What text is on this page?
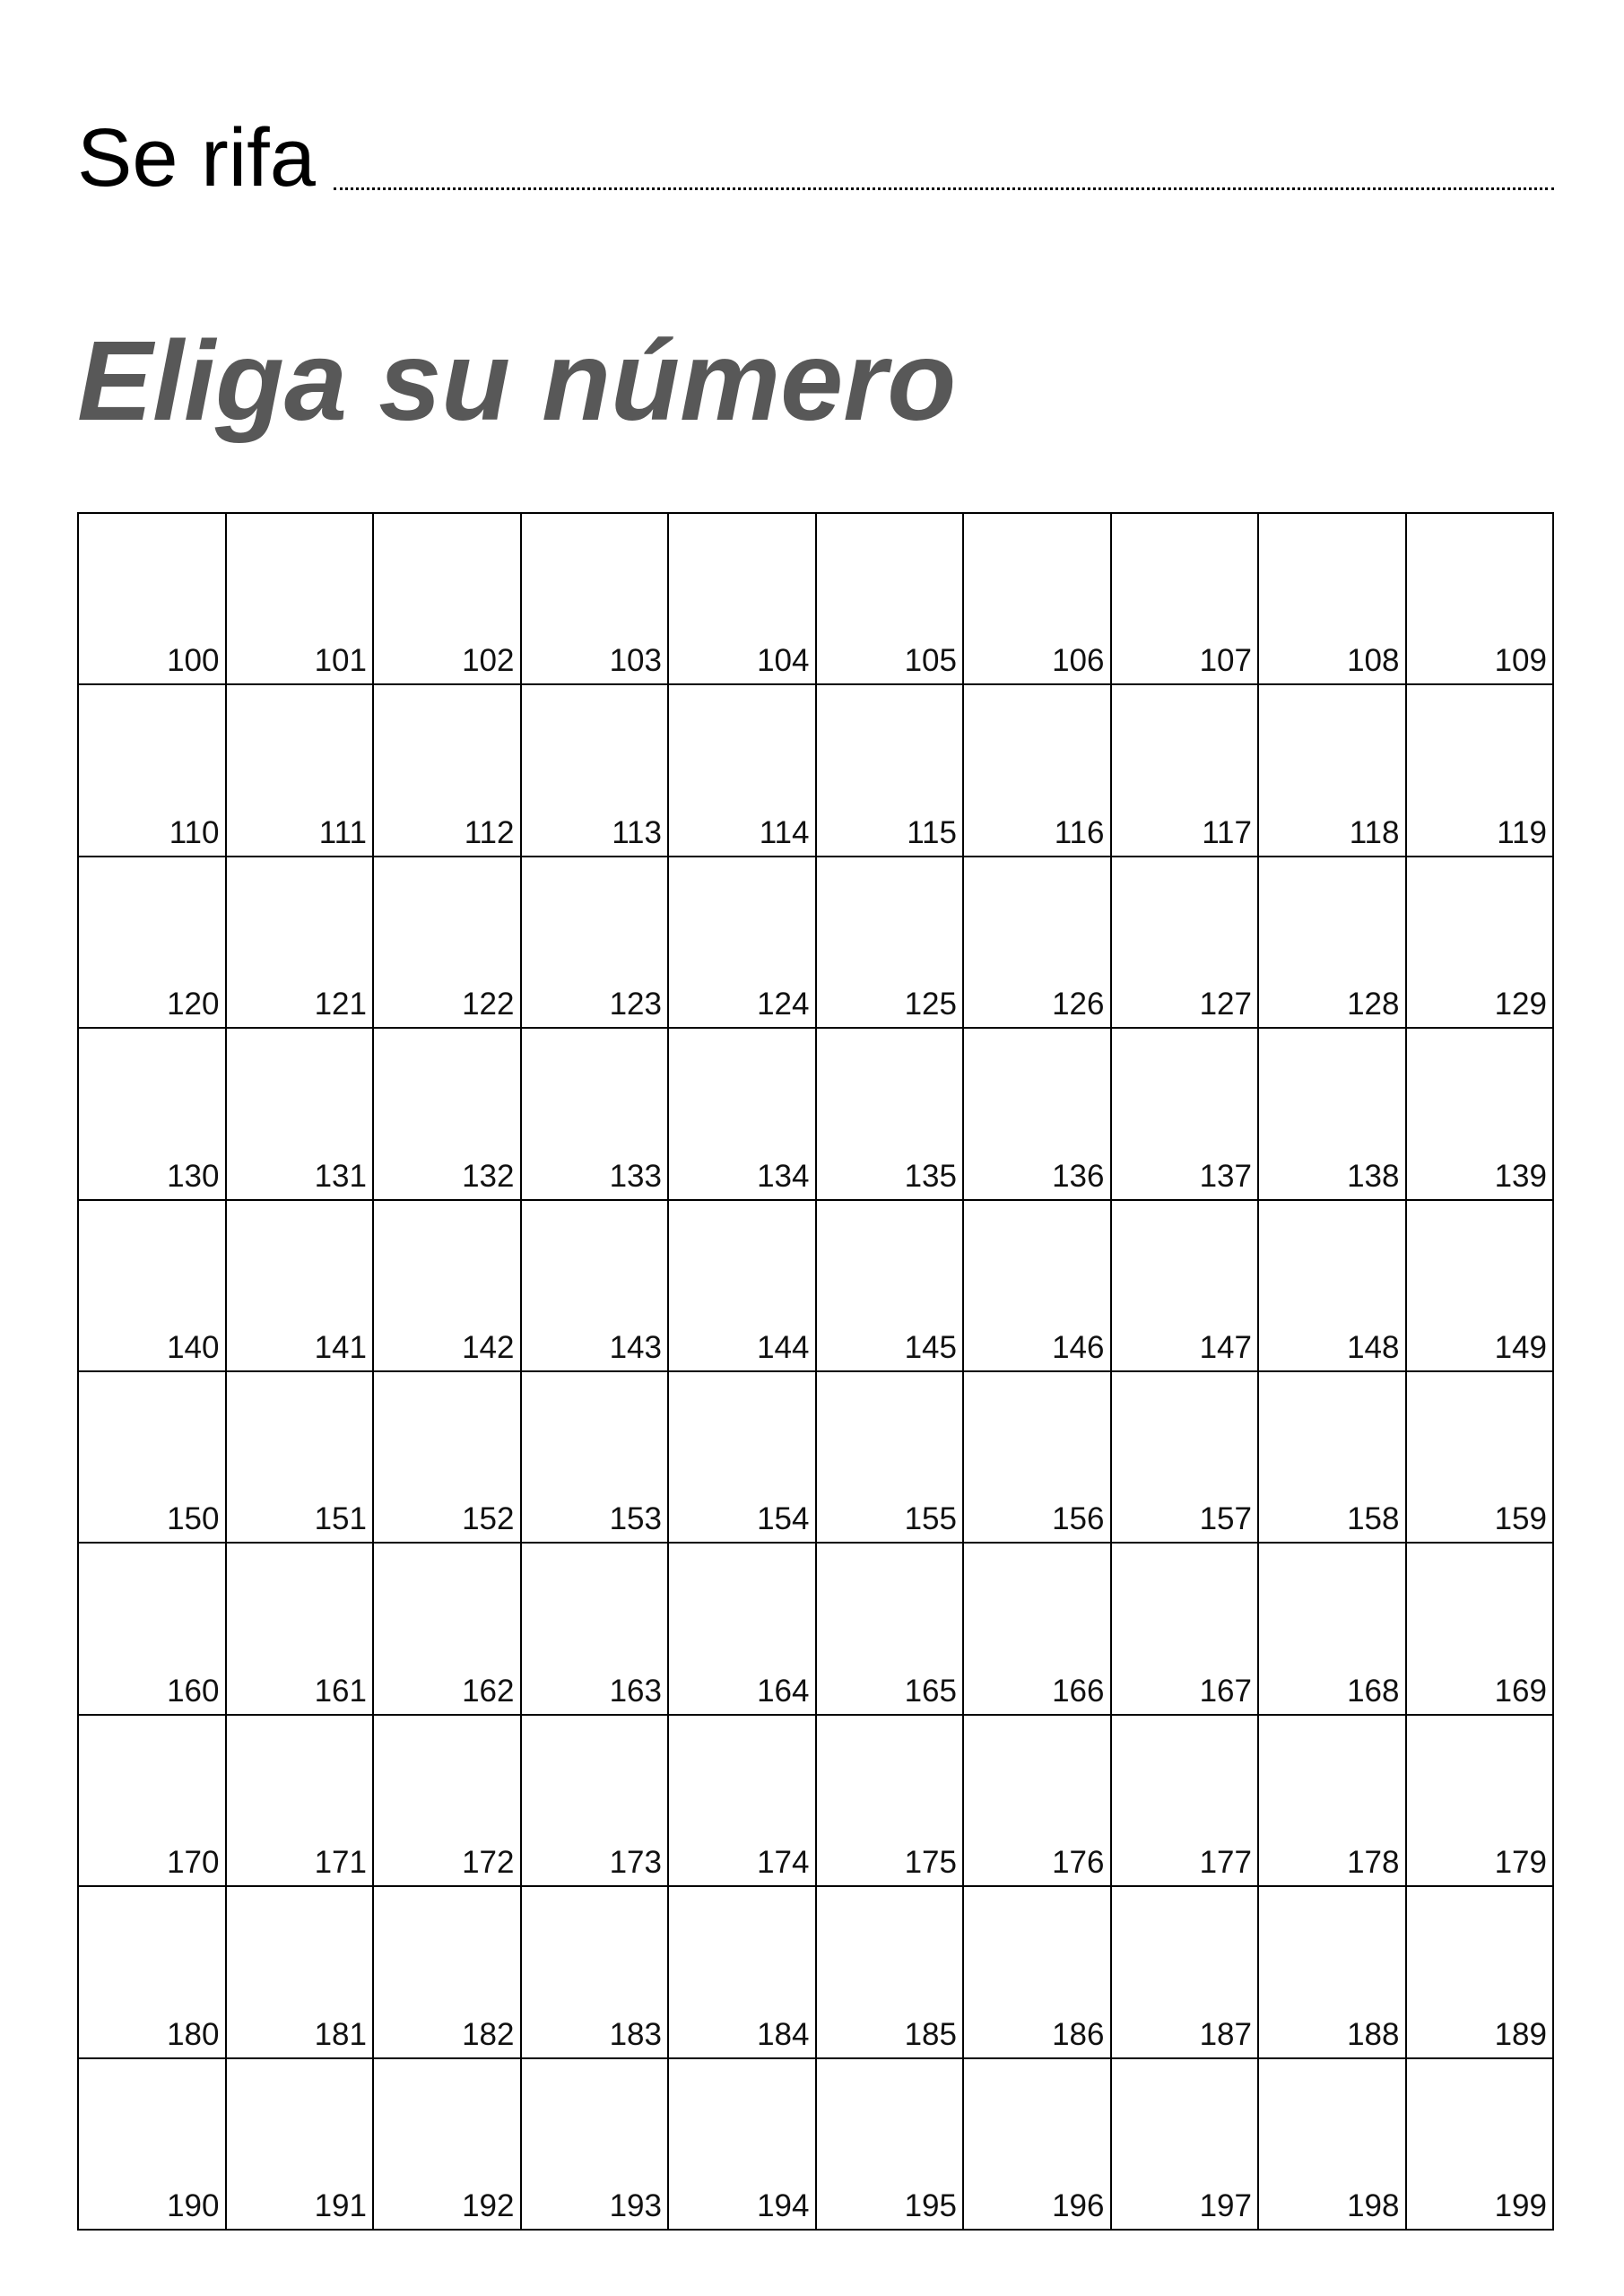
Se rifa
Eliga su número
100	101	102	103	104	105	106	107	108	109
110	111	112	113	114	115	116	117	118	119
120	121	122	123	124	125	126	127	128	129
130	131	132	133	134	135	136	137	138	139
140	141	142	143	144	145	146	147	148	149
150	151	152	153	154	155	156	157	158	159
160	161	162	163	164	165	166	167	168	169
170	171	172	173	174	175	176	177	178	179
180	181	182	183	184	185	186	187	188	189
190	191	192	193	194	195	196	197	198	199
